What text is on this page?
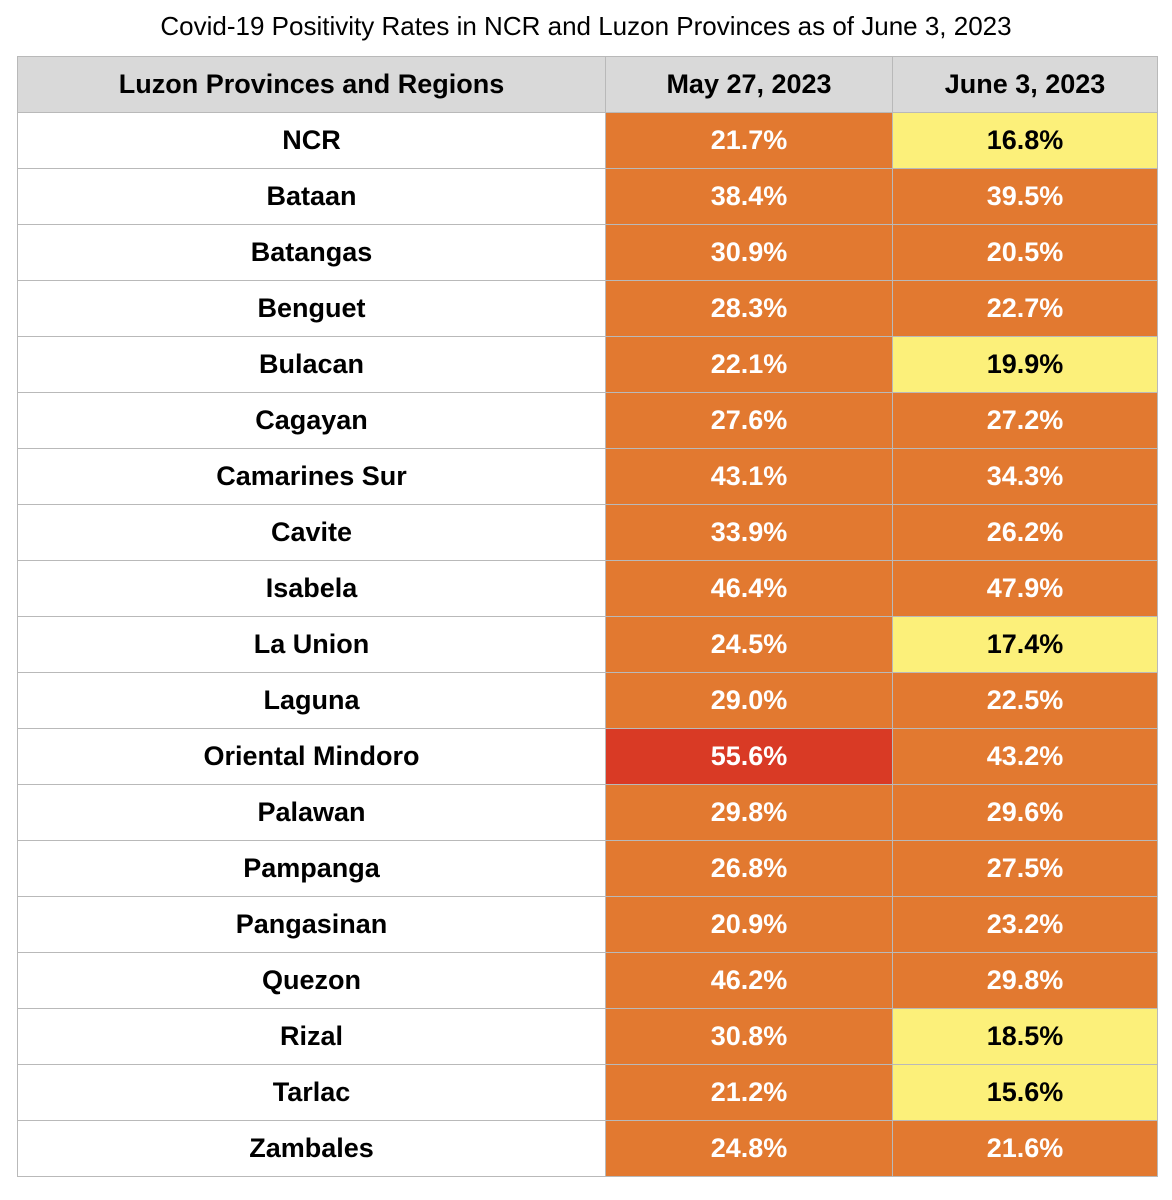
Covid-19 Positivity Rates in NCR and Luzon Provinces as of June 3, 2023
Luzon Provinces and Regions	May 27, 2023	June 3, 2023
NCR	21.7%	16.8%
Bataan	38.4%	39.5%
Batangas	30.9%	20.5%
Benguet	28.3%	22.7%
Bulacan	22.1%	19.9%
Cagayan	27.6%	27.2%
Camarines Sur	43.1%	34.3%
Cavite	33.9%	26.2%
Isabela	46.4%	47.9%
La Union	24.5%	17.4%
Laguna	29.0%	22.5%
Oriental Mindoro	55.6%	43.2%
Palawan	29.8%	29.6%
Pampanga	26.8%	27.5%
Pangasinan	20.9%	23.2%
Quezon	46.2%	29.8%
Rizal	30.8%	18.5%
Tarlac	21.2%	15.6%
Zambales	24.8%	21.6%
